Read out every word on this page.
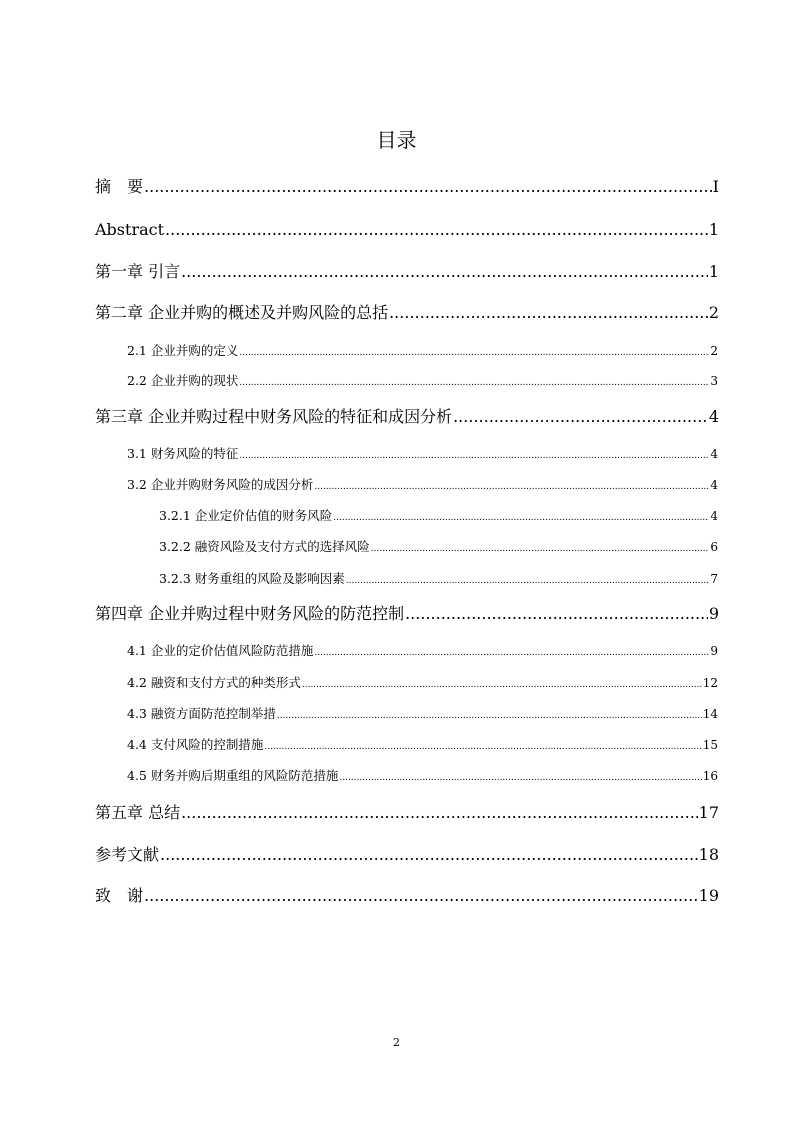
目录
摘　要 .....	I
Abstract .....	1
第一章 引言 .....	1
第二章 企业并购的概述及并购风险的总括 .....	2
2.1 企业并购的定义 .....	2
2.2 企业并购的现状 .....	3
第三章 企业并购过程中财务风险的特征和成因分析 .....	4
3.1 财务风险的特征 .....	4
3.2 企业并购财务风险的成因分析 .....	4
3.2.1 企业定价估值的财务风险 .....	4
3.2.2 融资风险及支付方式的选择风险 .....	6
3.2.3 财务重组的风险及影响因素 .....	7
第四章 企业并购过程中财务风险的防范控制 .....	9
4.1 企业的定价估值风险防范措施 .....	9
4.2 融资和支付方式的种类形式 .....	12
4.3 融资方面防范控制举措 .....	14
4.4 支付风险的控制措施 .....	15
4.5 财务并购后期重组的风险防范措施 .....	16
第五章 总结 .....	17
参考文献 .....	18
致　谢 .....	19
2
